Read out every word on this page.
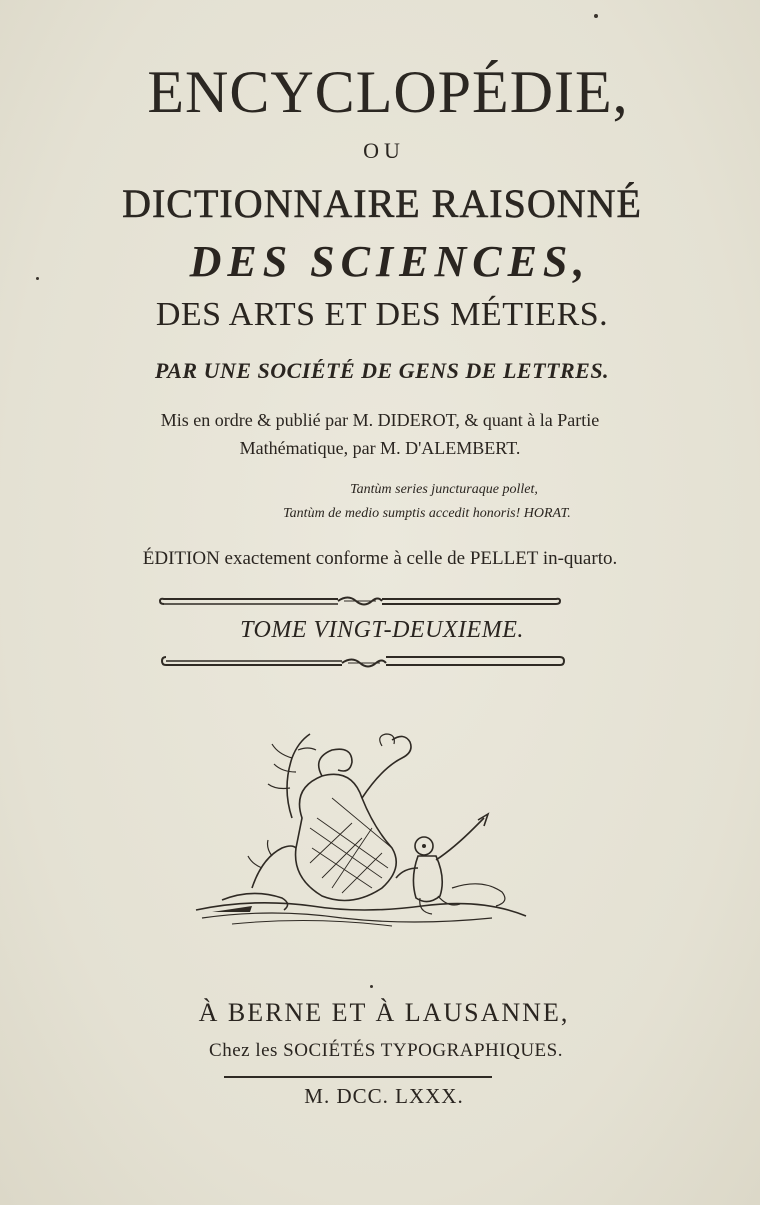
ENCYCLOPÉDIE,
OU
DICTIONNAIRE RAISONNÉ
DES SCIENCES,
DES ARTS ET DES MÉTIERS.
PAR UNE SOCIÉTÉ DE GENS DE LETTRES.
Mis en ordre & publié par M. DIDEROT, & quant à la Partie
Mathématique, par M. D'ALEMBERT.
Tantùm series juncturaque pollet,
Tantùm de medio sumptis accedit honoris! HORAT.
ÉDITION exactement conforme à celle de PELLET in-quarto.
TOME VINGT-DEUXIEME.
À BERNE ET À LAUSANNE,
Chez les SOCIÉTÉS TYPOGRAPHIQUES.
M. DCC. LXXX.
